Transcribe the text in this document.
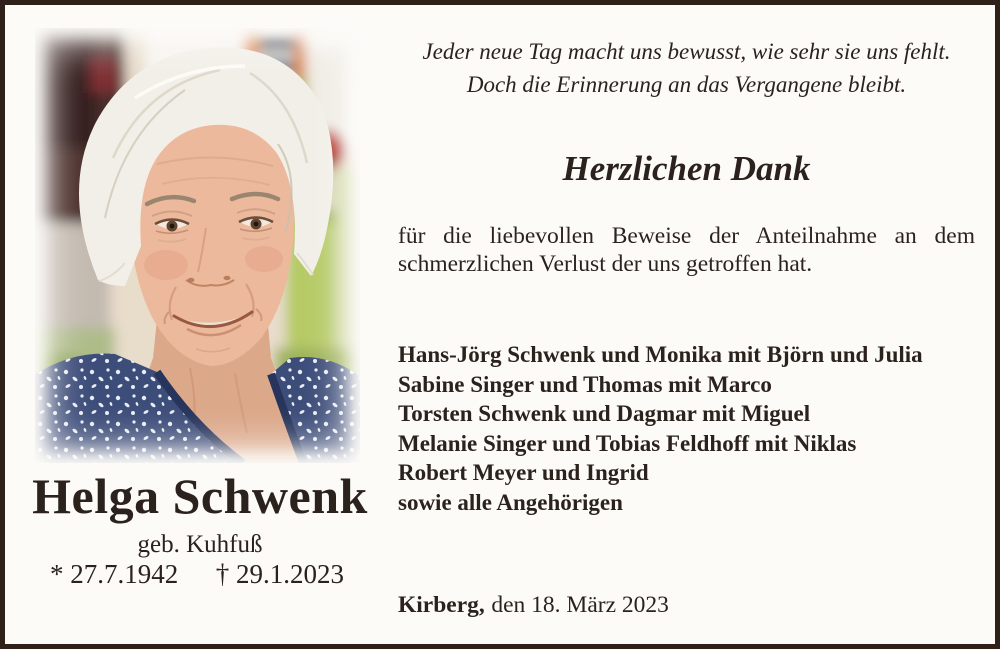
Helga Schwenk
geb. Kuhfuß
* 27.7.1942 † 29.1.2023
Jeder neue Tag macht uns bewusst, wie sehr sie uns fehlt.
Doch die Erinnerung an das Vergangene bleibt.
Herzlichen Dank
für die liebevollen Beweise der Anteilnahme an dem
schmerzlichen Verlust der uns getroffen hat.
Hans-Jörg Schwenk und Monika mit Björn und Julia
Sabine Singer und Thomas mit Marco
Torsten Schwenk und Dagmar mit Miguel
Melanie Singer und Tobias Feldhoff mit Niklas
Robert Meyer und Ingrid
sowie alle Angehörigen
Kirberg, den 18. März 2023
